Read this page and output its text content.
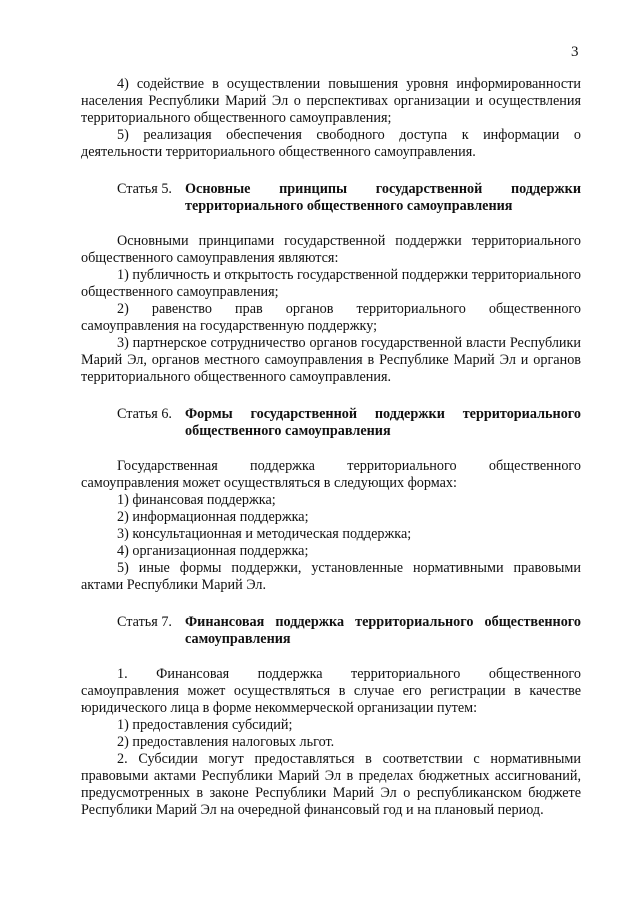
3

4) содействие в осуществлении повышения уровня информированности населения Республики Марий Эл о перспективах организации и осуществления территориального общественного самоуправления;

5) реализация обеспечения свободного доступа к информации о деятельности территориального общественного самоуправления.

Статья 5. Основные принципы государственной поддержки территориального общественного самоуправления

Основными принципами государственной поддержки территориального общественного самоуправления являются:

1) публичность и открытость государственной поддержки территориального общественного самоуправления;

2) равенство прав органов территориального общественного самоуправления на государственную поддержку;

3) партнерское сотрудничество органов государственной власти Республики Марий Эл, органов местного самоуправления в Республике Марий Эл и органов территориального общественного самоуправления.

Статья 6. Формы государственной поддержки территориального общественного самоуправления

Государственная поддержка территориального общественного самоуправления может осуществляться в следующих формах:

1) финансовая поддержка;

2) информационная поддержка;

3) консультационная и методическая поддержка;

4) организационная поддержка;

5) иные формы поддержки, установленные нормативными правовыми актами Республики Марий Эл.

Статья 7. Финансовая поддержка территориального общественного самоуправления

1. Финансовая поддержка территориального общественного самоуправления может осуществляться в случае его регистрации в качестве юридического лица в форме некоммерческой организации путем:

1) предоставления субсидий;

2) предоставления налоговых льгот.

2. Субсидии могут предоставляться в соответствии с нормативными правовыми актами Республики Марий Эл в пределах бюджетных ассигнований, предусмотренных в законе Республики Марий Эл о республиканском бюджете Республики Марий Эл на очередной финансовый год и на плановый период.
